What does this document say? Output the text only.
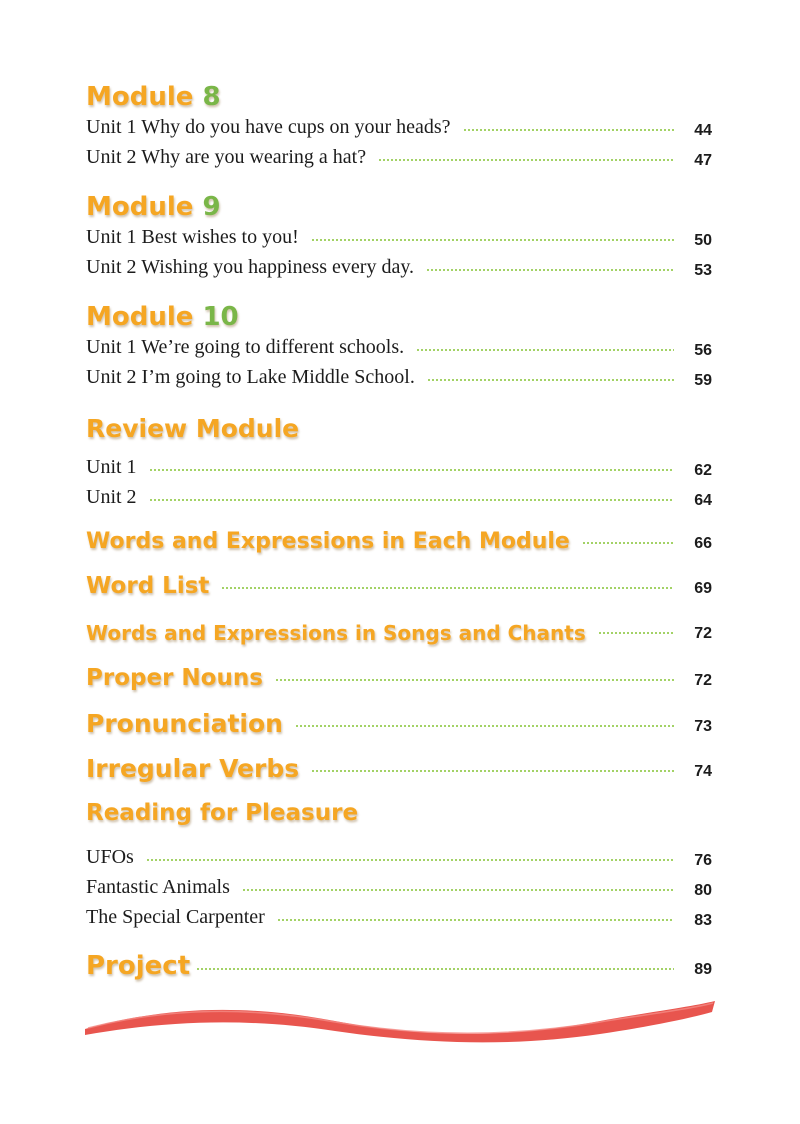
Module 8
Unit 1 Why do you have cups on your heads?	44
Unit 2 Why are you wearing a hat?	47
Module 9
Unit 1 Best wishes to you!	50
Unit 2 Wishing you happiness every day.	53
Module 10
Unit 1 We’re going to different schools.	56
Unit 2 I’m going to Lake Middle School.	59
Review Module
Unit 1	62
Unit 2	64
Words and Expressions in Each Module	66
Word List	69
Words and Expressions in Songs and Chants	72
Proper Nouns	72
Pronunciation	73
Irregular Verbs	74
Reading for Pleasure
UFOs	76
Fantastic Animals	80
The Special Carpenter	83
Project	89
